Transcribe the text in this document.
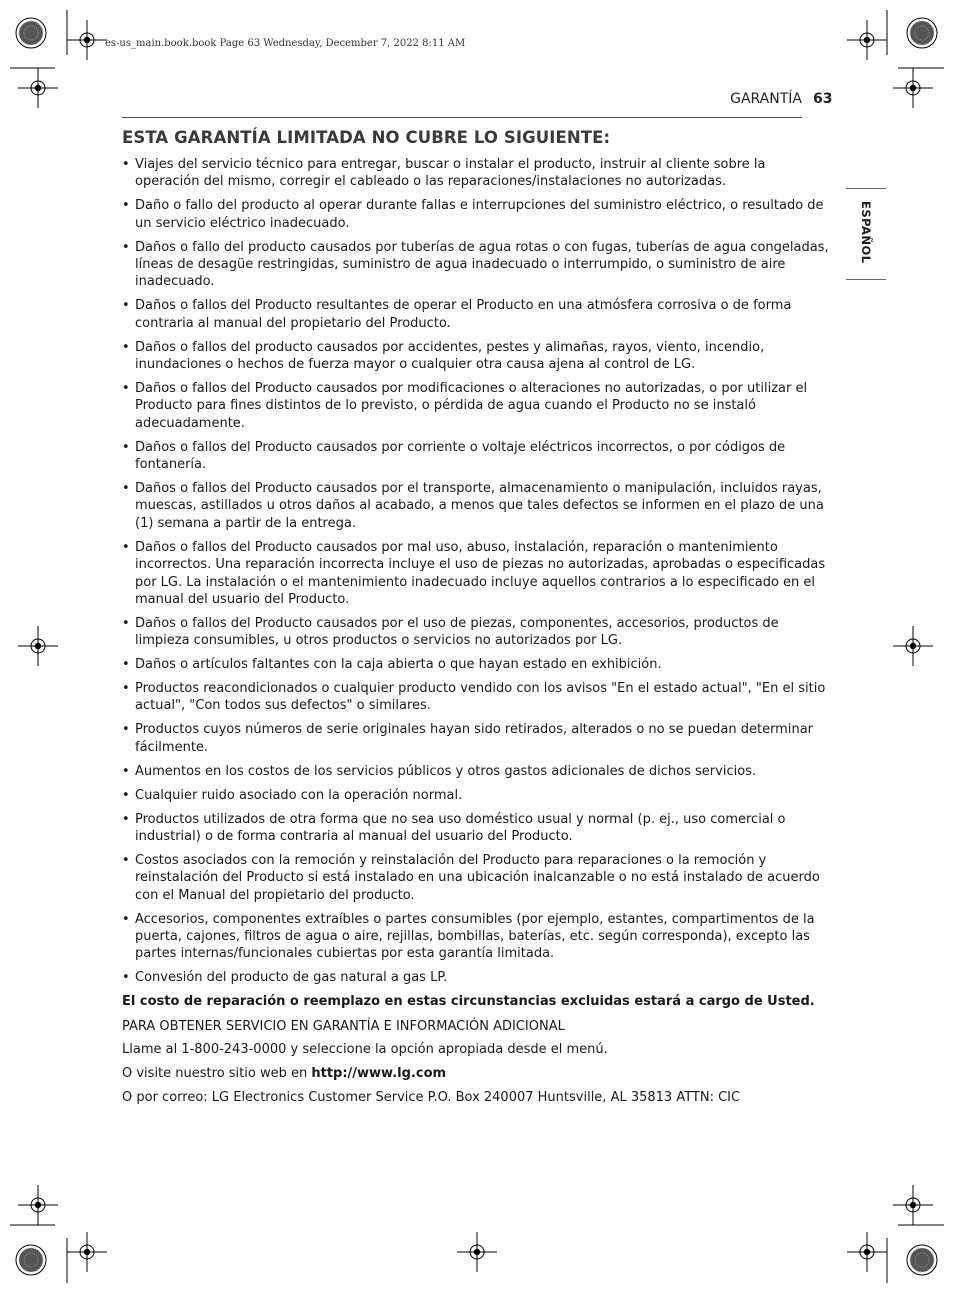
es-us_main.book.book Page 63 Wednesday, December 7, 2022 8:11 AM
GARANTÍA 63
ESPAÑOL
ESTA GARANTÍA LIMITADA NO CUBRE LO SIGUIENTE:
• Viajes del servicio técnico para entregar, buscar o instalar el producto, instruir al cliente sobre la operación del mismo, corregir el cableado o las reparaciones/instalaciones no autorizadas.
• Daño o fallo del producto al operar durante fallas e interrupciones del suministro eléctrico, o resultado de un servicio eléctrico inadecuado.
• Daños o fallo del producto causados por tuberías de agua rotas o con fugas, tuberías de agua congeladas, líneas de desagüe restringidas, suministro de agua inadecuado o interrumpido, o suministro de aire inadecuado.
• Daños o fallos del Producto resultantes de operar el Producto en una atmósfera corrosiva o de forma contraria al manual del propietario del Producto.
• Daños o fallos del producto causados por accidentes, pestes y alimañas, rayos, viento, incendio, inundaciones o hechos de fuerza mayor o cualquier otra causa ajena al control de LG.
• Daños o fallos del Producto causados por modificaciones o alteraciones no autorizadas, o por utilizar el Producto para fines distintos de lo previsto, o pérdida de agua cuando el Producto no se instaló adecuadamente.
• Daños o fallos del Producto causados por corriente o voltaje eléctricos incorrectos, o por códigos de fontanería.
• Daños o fallos del Producto causados por el transporte, almacenamiento o manipulación, incluidos rayas, muescas, astillados u otros daños al acabado, a menos que tales defectos se informen en el plazo de una (1) semana a partir de la entrega.
• Daños o fallos del Producto causados por mal uso, abuso, instalación, reparación o mantenimiento incorrectos. Una reparación incorrecta incluye el uso de piezas no autorizadas, aprobadas o especificadas por LG. La instalación o el mantenimiento inadecuado incluye aquellos contrarios a lo especificado en el manual del usuario del Producto.
• Daños o fallos del Producto causados por el uso de piezas, componentes, accesorios, productos de limpieza consumibles, u otros productos o servicios no autorizados por LG.
• Daños o artículos faltantes con la caja abierta o que hayan estado en exhibición.
• Productos reacondicionados o cualquier producto vendido con los avisos "En el estado actual", "En el sitio actual", "Con todos sus defectos" o similares.
• Productos cuyos números de serie originales hayan sido retirados, alterados o no se puedan determinar fácilmente.
• Aumentos en los costos de los servicios públicos y otros gastos adicionales de dichos servicios.
• Cualquier ruido asociado con la operación normal.
• Productos utilizados de otra forma que no sea uso doméstico usual y normal (p. ej., uso comercial o industrial) o de forma contraria al manual del usuario del Producto.
• Costos asociados con la remoción y reinstalación del Producto para reparaciones o la remoción y reinstalación del Producto si está instalado en una ubicación inalcanzable o no está instalado de acuerdo con el Manual del propietario del producto.
• Accesorios, componentes extraíbles o partes consumibles (por ejemplo, estantes, compartimentos de la puerta, cajones, filtros de agua o aire, rejillas, bombillas, baterías, etc. según corresponda), excepto las partes internas/funcionales cubiertas por esta garantía limitada.
• Convesión del producto de gas natural a gas LP.

El costo de reparación o reemplazo en estas circunstancias excluidas estará a cargo de Usted.

PARA OBTENER SERVICIO EN GARANTÍA E INFORMACIÓN ADICIONAL

Llame al 1-800-243-0000 y seleccione la opción apropiada desde el menú.

O visite nuestro sitio web en http://www.lg.com

O por correo: LG Electronics Customer Service P.O. Box 240007 Huntsville, AL 35813 ATTN: CIC
